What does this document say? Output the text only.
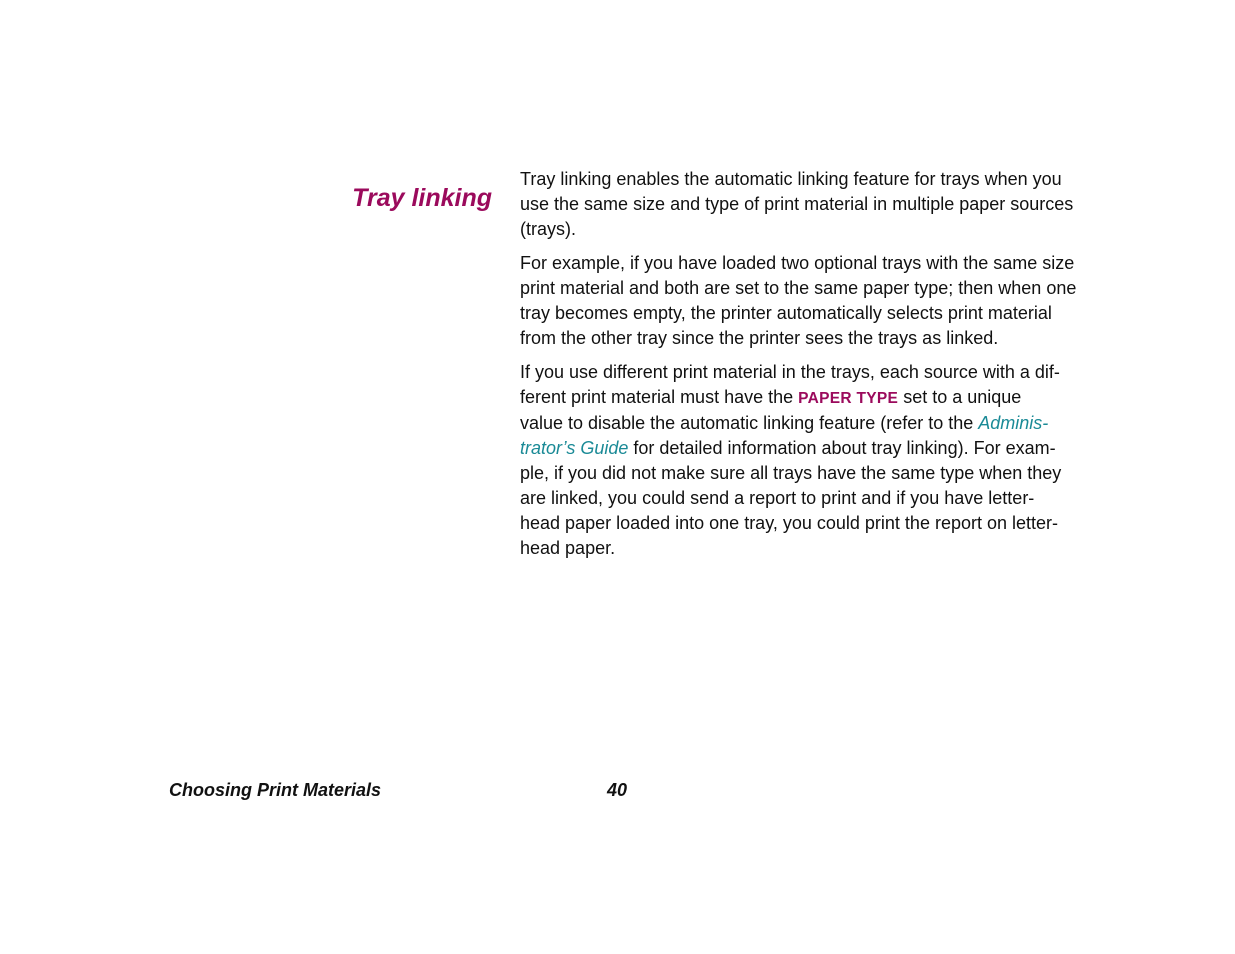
Tray linking

Tray linking enables the automatic linking feature for trays when you use the same size and type of print material in multiple paper sources (trays).

For example, if you have loaded two optional trays with the same size print material and both are set to the same paper type; then when one tray becomes empty, the printer automatically selects print material from the other tray since the printer sees the trays as linked.

If you use different print material in the trays, each source with a dif-
ferent print material must have the PAPER TYPE set to a unique
value to disable the automatic linking feature (refer to the Adminis-
trator’s Guide for detailed information about tray linking). For exam-
ple, if you did not make sure all trays have the same type when they
are linked, you could send a report to print and if you have letter-
head paper loaded into one tray, you could print the report on letter-
head paper.

Choosing Print Materials	40
